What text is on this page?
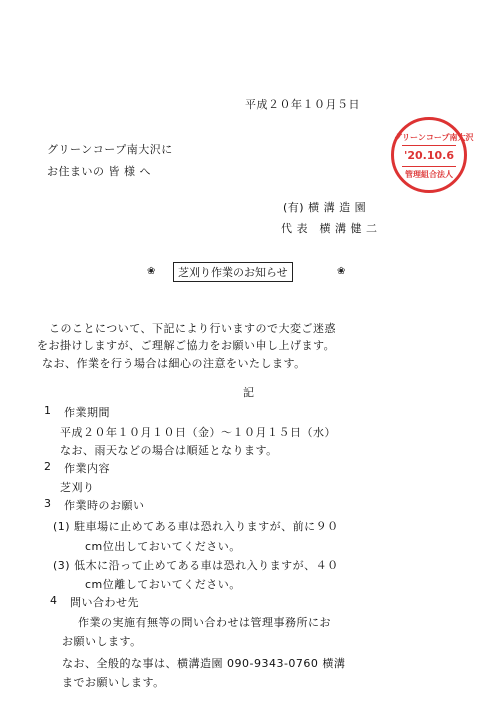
平成２０年１０月５日
グリーンコープ南大沢に
お住まいの 皆 様 へ
(有) 横 溝 造 園
代 表　横 溝 健 二
グリーンコープ南大沢
'20.10.6
管理組合法人
❀	芝刈り作業のお知らせ	❀
このことについて、下記により行いますので大変ご迷惑
をお掛けしますが、ご理解ご協力をお願い申し上げます。
なお、作業を行う場合は細心の注意をいたします。
記
1 作業期間
平成２０年１０月１０日（金）～１０月１５日（水）
なお、雨天などの場合は順延となります。
2 作業内容
芝刈り
3 作業時のお願い
(1) 駐車場に止めてある車は恐れ入りますが、前に９０
cm位出しておいてください。
(3) 低木に沿って止めてある車は恐れ入りますが、４０
cm位離しておいてください。
4 問い合わせ先
作業の実施有無等の問い合わせは管理事務所にお
お願いします。
なお、全般的な事は、横溝造園 090-9343-0760 横溝
までお願いします。
